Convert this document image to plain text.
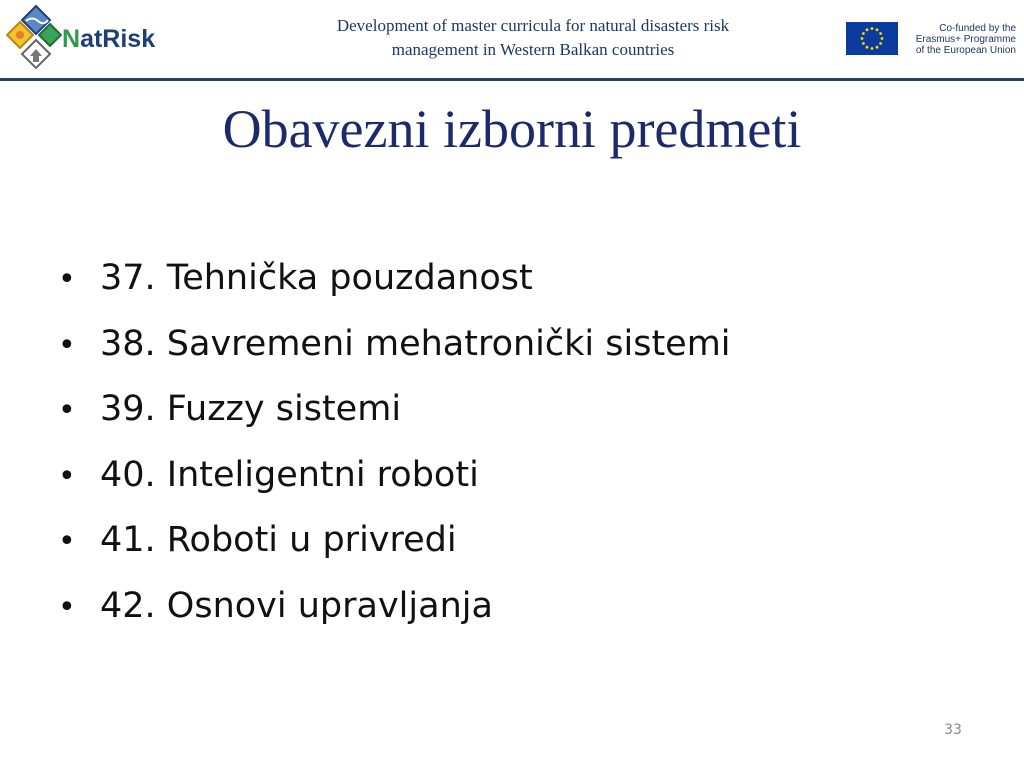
NatRisk	Development of master curricula for natural disasters risk
management in Western Balkan countries
Co-funded by the
Erasmus+ Programme
of the European Union
Obavezni izborni predmeti
• 37. Tehnička pouzdanost
• 38. Savremeni mehatronički sistemi
• 39. Fuzzy sistemi
• 40. Inteligentni roboti
• 41. Roboti u privredi
• 42. Osnovi upravljanja
33
